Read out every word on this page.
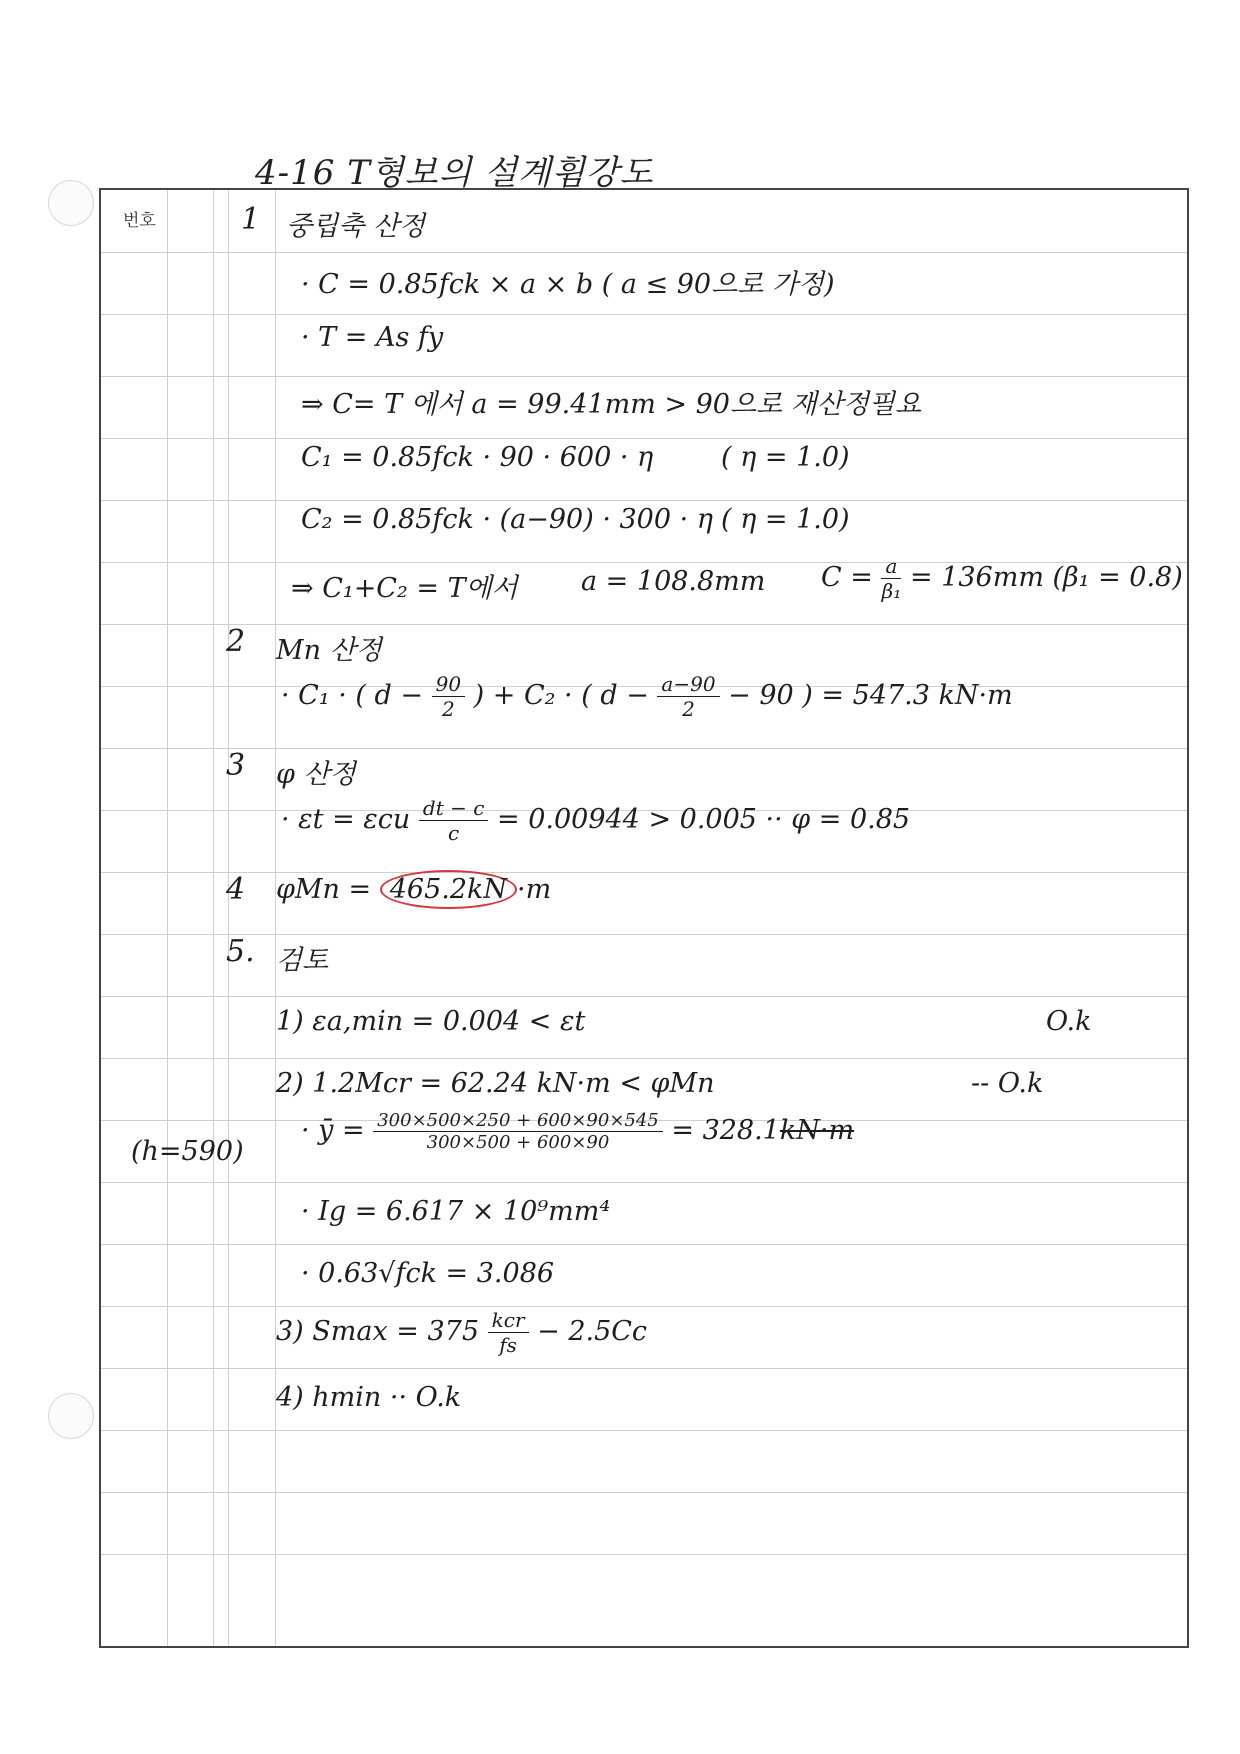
4-16 T형보의 설계휨강도
번호	1 중립축 산정
· C = 0.85fck × a × b ( a ≤ 90으로 가정)
· T = As fy
⇒ C= T 에서 a = 99.41mm > 90으로 재산정필요
C₁ = 0.85fck · 90 · 600 · η	( η = 1.0)
C₂ = 0.85fck · (a−90) · 300 · η ( η = 1.0)
⇒ C₁+C₂ = T에서 a = 108.8mm $C = \frac{a}{\text{β₁}} = 136mm$ (β₁ = 0.8)
2 Mn 산정
· C₁ · ( $d - \frac{90}{2}$ ) + C₂ · ( $d - \frac{a-90}{2} - 90$ ) = 547.3 kN·m
3 φ 산정
· εt = εcu $\frac{dt - c}{c} = 0.00944 > 0.005 \cdot\cdot \varphi = 0.85$
4 φMn = 465.2kN ·m
5. 검토
1) εa,min = 0.004 < εt	O.k
2) 1.2Mcr = 62.24 kN·m < φMn	-- O.k
(h=590)
· ȳ = $\frac{300\times 500\times 250 + 600\times 90\times 545}{300\times 500 + 600\times 90} = 328.1kN\cdot m$
· Ig = 6.617 × 10⁹mm⁴
· 0.63√fck = 3.086
3) $Smax = 375 \frac{\text{kcr}}{fs} - 2.5Cc$
4) hmin ·· O.k
